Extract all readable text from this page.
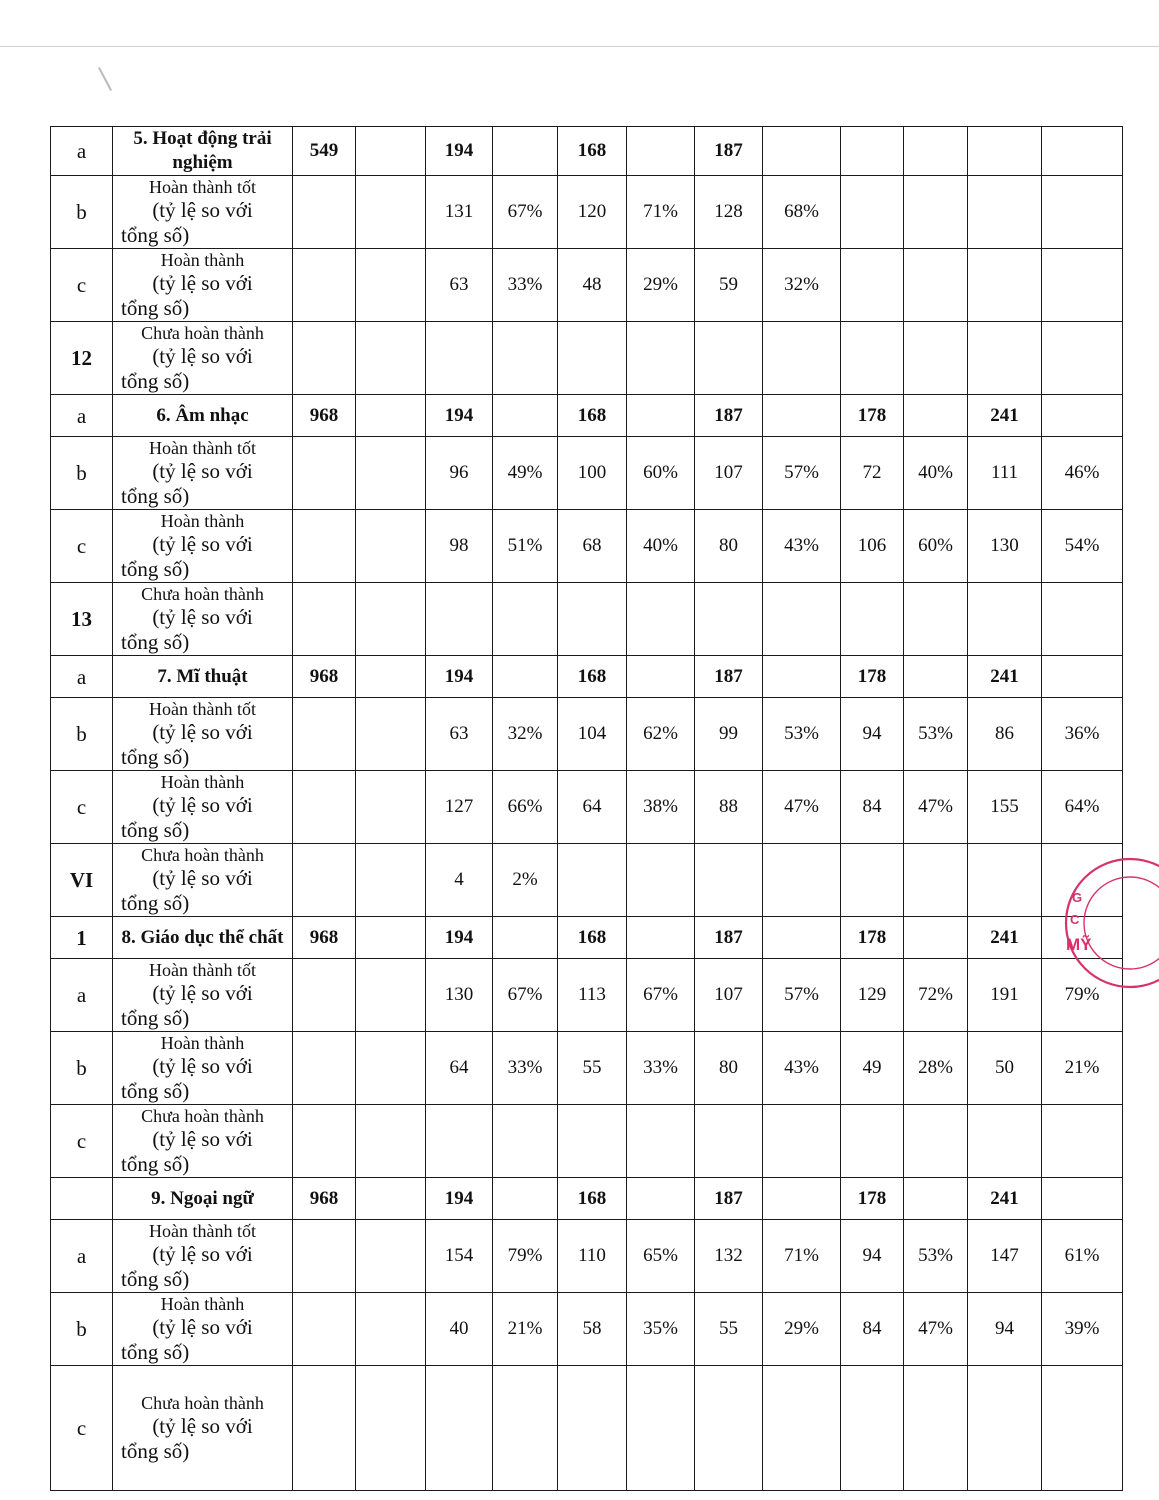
a	5. Hoạt động trải nghiệm	549		194		168		187					
b	Hoàn thành tốt
(tỷ lệ so với
tổng số)			131	67%	120	71%	128	68%				
c	Hoàn thành
(tỷ lệ so với
tổng số)			63	33%	48	29%	59	32%				
12	Chưa hoàn thành
(tỷ lệ so với
tổng số)												

a	6. Âm nhạc	968		194		168		187		178		241	
b	Hoàn thành tốt
(tỷ lệ so với
tổng số)			96	49%	100	60%	107	57%	72	40%	111	46%
c	Hoàn thành
(tỷ lệ so với
tổng số)			98	51%	68	40%	80	43%	106	60%	130	54%
13	Chưa hoàn thành
(tỷ lệ so với
tổng số)												

a	7. Mĩ thuật	968		194		168		187		178		241	
b	Hoàn thành tốt
(tỷ lệ so với
tổng số)			63	32%	104	62%	99	53%	94	53%	86	36%
c	Hoàn thành
(tỷ lệ so với
tổng số)			127	66%	64	38%	88	47%	84	47%	155	64%
VI	Chưa hoàn thành
(tỷ lệ so với
tổng số)			4	2%								
1	8. Giáo dục thể chất	968		194		168		187		178		241	
a	Hoàn thành tốt
(tỷ lệ so với
tổng số)			130	67%	113	67%	107	57%	129	72%	191	79%
b	Hoàn thành
(tỷ lệ so với
tổng số)			64	33%	55	33%	80	43%	49	28%	50	21%
c	Chưa hoàn thành
(tỷ lệ so với
tổng số)												

	9. Ngoại ngữ	968		194		168		187		178		241	
a	Hoàn thành tốt
(tỷ lệ so với
tổng số)			154	79%	110	65%	132	71%	94	53%	147	61%
b	Hoàn thành
(tỷ lệ so với
tổng số)			40	21%	58	35%	55	29%	84	47%	94	39%
c	Chưa hoàn thành
(tỷ lệ so với
tổng số)												

G
C
MỸ
